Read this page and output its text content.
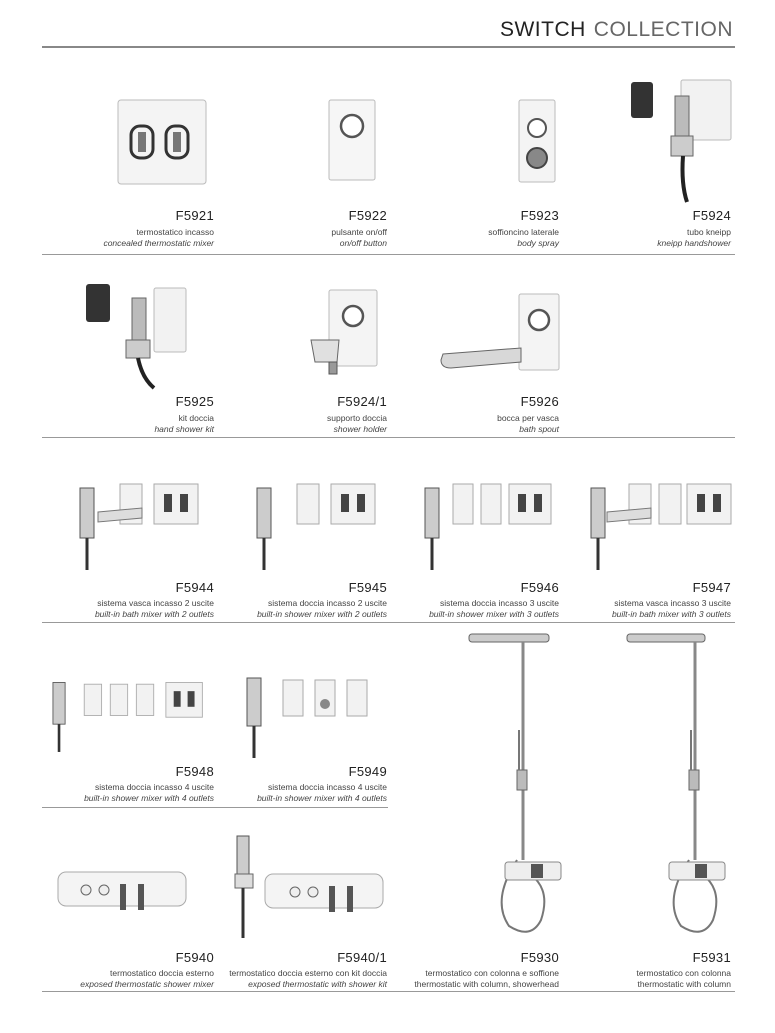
SWITCH COLLECTION
F5921
termostatico incasso
concealed thermostatic mixer
F5922
pulsante on/off
on/off button
F5923
soffioncino laterale
body spray
F5924
tubo kneipp
kneipp handshower
F5925
kit doccia
hand shower kit
F5924/1
supporto doccia
shower holder
F5926
bocca per vasca
bath spout
F5944
sistema vasca incasso 2 uscite
built-in bath mixer with 2 outlets
F5945
sistema doccia incasso 2 uscite
built-in shower mixer with 2 outlets
F5946
sistema doccia incasso 3 uscite
built-in shower mixer with 3 outlets
F5947
sistema vasca incasso 3 uscite
built-in bath mixer with 3 outlets
F5948
sistema doccia incasso 4 uscite
built-in shower mixer with 4 outlets
F5949
sistema doccia incasso 4 uscite
built-in shower mixer with 4 outlets
F5940
termostatico doccia esterno
exposed thermostatic shower mixer
F5940/1
termostatico doccia esterno con kit doccia
exposed thermostatic with shower kit
F5930
termostatico con colonna e soffione
thermostatic with column, showerhead
F5931
termostatico con colonna
thermostatic with column
